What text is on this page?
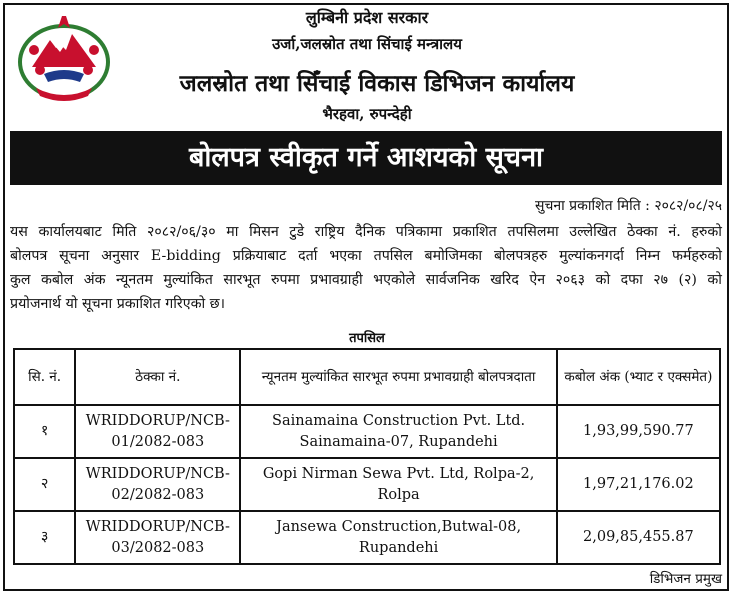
लुम्बिनी प्रदेश सरकार
उर्जा,जलस्रोत तथा सिंचाई मन्त्रालय
जलस्रोत तथा सिँचाई विकास डिभिजन कार्यालय
भैरहवा, रुपन्देही
बोलपत्र स्वीकृत गर्ने आशयको सूचना
सुचना प्रकाशित मिति : २०८२/०८/२५
यस कार्यालयबाट मिति २०८२/०६/३० मा मिसन टुडे राष्ट्रिय दैनिक पत्रिकामा प्रकाशित तपसिलमा उल्लेखित ठेक्का नं. हरुको
बोलपत्र सूचना अनुसार E-bidding प्रक्रियाबाट दर्ता भएका तपसिल बमोजिमका बोलपत्रहरु मुल्यांकनगर्दा निम्न फर्महरुको
कुल कबोल अंक न्यूनतम मुल्यांकित सारभूत रुपमा प्रभावग्राही भएकोले सार्वजनिक खरिद ऐन २०६३ को दफा २७ (२) को
प्रयोजनार्थ यो सूचना प्रकाशित गरिएको छ।
तपसिल
सि. नं.	ठेक्का नं.	न्यूनतम मुल्यांकित सारभूत रुपमा प्रभावग्राही बोलपत्रदाता	कबोल अंक (भ्याट र एक्समेत)
१	WRIDDORUP/NCB-01/2082-083	Sainamaina Construction Pvt. Ltd. Sainamaina-07, Rupandehi	1,93,99,590.77
२	WRIDDORUP/NCB-02/2082-083	Gopi Nirman Sewa Pvt. Ltd, Rolpa-2, Rolpa	1,97,21,176.02
३	WRIDDORUP/NCB-03/2082-083	Jansewa Construction,Butwal-08, Rupandehi	2,09,85,455.87
डिभिजन प्रमुख
